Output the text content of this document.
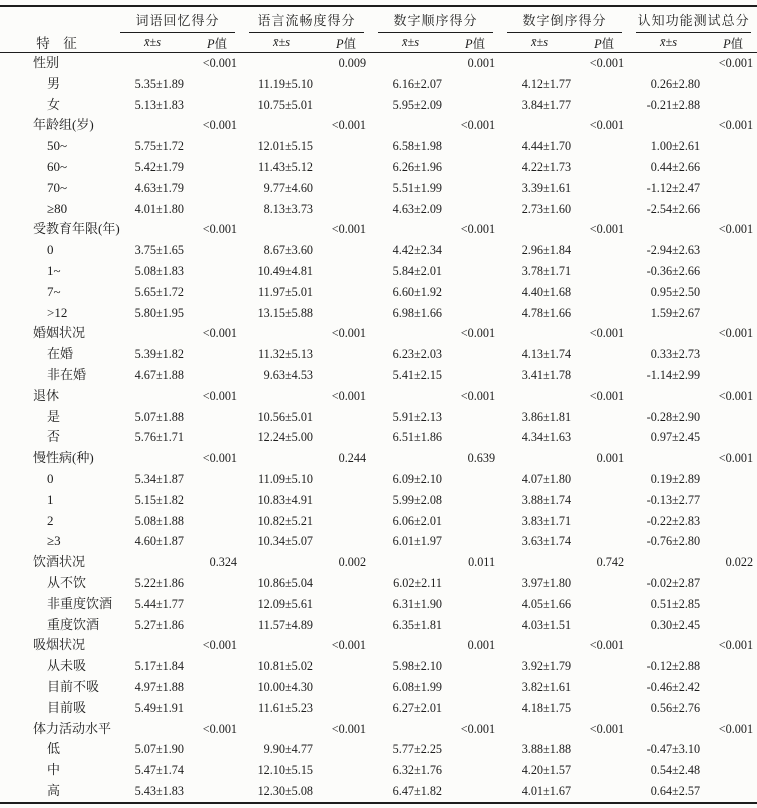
特　征	词语回忆得分		语言流畅度得分		数字顺序得分		数字倒序得分		认知功能测试总分	

	x̄±s	P值	x̄±s	P值	x̄±s	P值	x̄±s	P值	x̄±s	P值
性别		<0.001		0.009		0.001		<0.001		<0.001
男	5.35±1.89		11.19±5.10		6.16±2.07		4.12±1.77		0.26±2.80	
女	5.13±1.83		10.75±5.01		5.95±2.09		3.84±1.77		-0.21±2.88	
年龄组(岁)		<0.001		<0.001		<0.001		<0.001		<0.001
50~	5.75±1.72		12.01±5.15		6.58±1.98		4.44±1.70		1.00±2.61	
60~	5.42±1.79		11.43±5.12		6.26±1.96		4.22±1.73		0.44±2.66	
70~	4.63±1.79		9.77±4.60		5.51±1.99		3.39±1.61		-1.12±2.47	
≥80	4.01±1.80		8.13±3.73		4.63±2.09		2.73±1.60		-2.54±2.66	
受教育年限(年)		<0.001		<0.001		<0.001		<0.001		<0.001
0	3.75±1.65		8.67±3.60		4.42±2.34		2.96±1.84		-2.94±2.63	
1~	5.08±1.83		10.49±4.81		5.84±2.01		3.78±1.71		-0.36±2.66	
7~	5.65±1.72		11.97±5.01		6.60±1.92		4.40±1.68		0.95±2.50	
>12	5.80±1.95		13.15±5.88		6.98±1.66		4.78±1.66		1.59±2.67	
婚姻状况		<0.001		<0.001		<0.001		<0.001		<0.001
在婚	5.39±1.82		11.32±5.13		6.23±2.03		4.13±1.74		0.33±2.73	
非在婚	4.67±1.88		9.63±4.53		5.41±2.15		3.41±1.78		-1.14±2.99	
退休		<0.001		<0.001		<0.001		<0.001		<0.001
是	5.07±1.88		10.56±5.01		5.91±2.13		3.86±1.81		-0.28±2.90	
否	5.76±1.71		12.24±5.00		6.51±1.86		4.34±1.63		0.97±2.45	
慢性病(种)		<0.001		0.244		0.639		0.001		<0.001
0	5.34±1.87		11.09±5.10		6.09±2.10		4.07±1.80		0.19±2.89	
1	5.15±1.82		10.83±4.91		5.99±2.08		3.88±1.74		-0.13±2.77	
2	5.08±1.88		10.82±5.21		6.06±2.01		3.83±1.71		-0.22±2.83	
≥3	4.60±1.87		10.34±5.07		6.01±1.97		3.63±1.74		-0.76±2.80	
饮酒状况		0.324		0.002		0.011		0.742		0.022
从不饮	5.22±1.86		10.86±5.04		6.02±2.11		3.97±1.80		-0.02±2.87	
非重度饮酒	5.44±1.77		12.09±5.61		6.31±1.90		4.05±1.66		0.51±2.85	
重度饮酒	5.27±1.86		11.57±4.89		6.35±1.81		4.03±1.51		0.30±2.45	
吸烟状况		<0.001		<0.001		0.001		<0.001		<0.001
从未吸	5.17±1.84		10.81±5.02		5.98±2.10		3.92±1.79		-0.12±2.88	
目前不吸	4.97±1.88		10.00±4.30		6.08±1.99		3.82±1.61		-0.46±2.42	
目前吸	5.49±1.91		11.61±5.23		6.27±2.01		4.18±1.75		0.56±2.76	
体力活动水平		<0.001		<0.001		<0.001		<0.001		<0.001
低	5.07±1.90		9.90±4.77		5.77±2.25		3.88±1.88		-0.47±3.10	
中	5.47±1.74		12.10±5.15		6.32±1.76		4.20±1.57		0.54±2.48	
高	5.43±1.83		12.30±5.08		6.47±1.82		4.01±1.67		0.64±2.57	
